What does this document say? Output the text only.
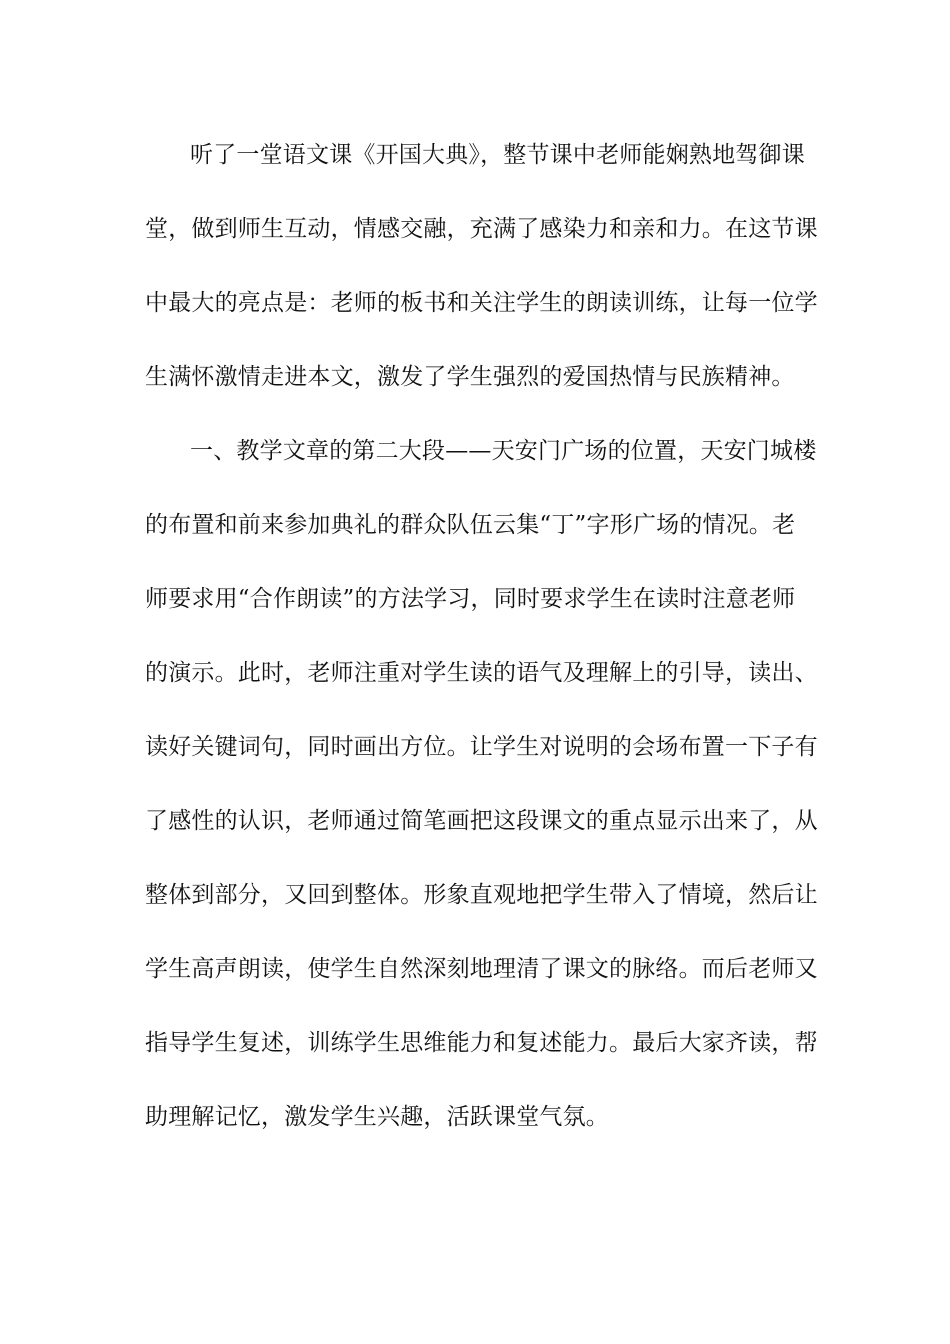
听了一堂语文课《开国大典》，整节课中老师能娴熟地驾御课
堂，做到师生互动，情感交融，充满了感染力和亲和力。在这节课
中最大的亮点是：老师的板书和关注学生的朗读训练，让每一位学
生满怀激情走进本文，激发了学生强烈的爱国热情与民族精神。
一、教学文章的第二大段——天安门广场的位置，天安门城楼
的布置和前来参加典礼的群众队伍云集“丁”字形广场的情况。老
师要求用“合作朗读”的方法学习，同时要求学生在读时注意老师
的演示。此时，老师注重对学生读的语气及理解上的引导，读出、
读好关键词句，同时画出方位。让学生对说明的会场布置一下子有
了感性的认识，老师通过简笔画把这段课文的重点显示出来了，从
整体到部分，又回到整体。形象直观地把学生带入了情境，然后让
学生高声朗读，使学生自然深刻地理清了课文的脉络。而后老师又
指导学生复述，训练学生思维能力和复述能力。最后大家齐读，帮
助理解记忆，激发学生兴趣，活跃课堂气氛。
